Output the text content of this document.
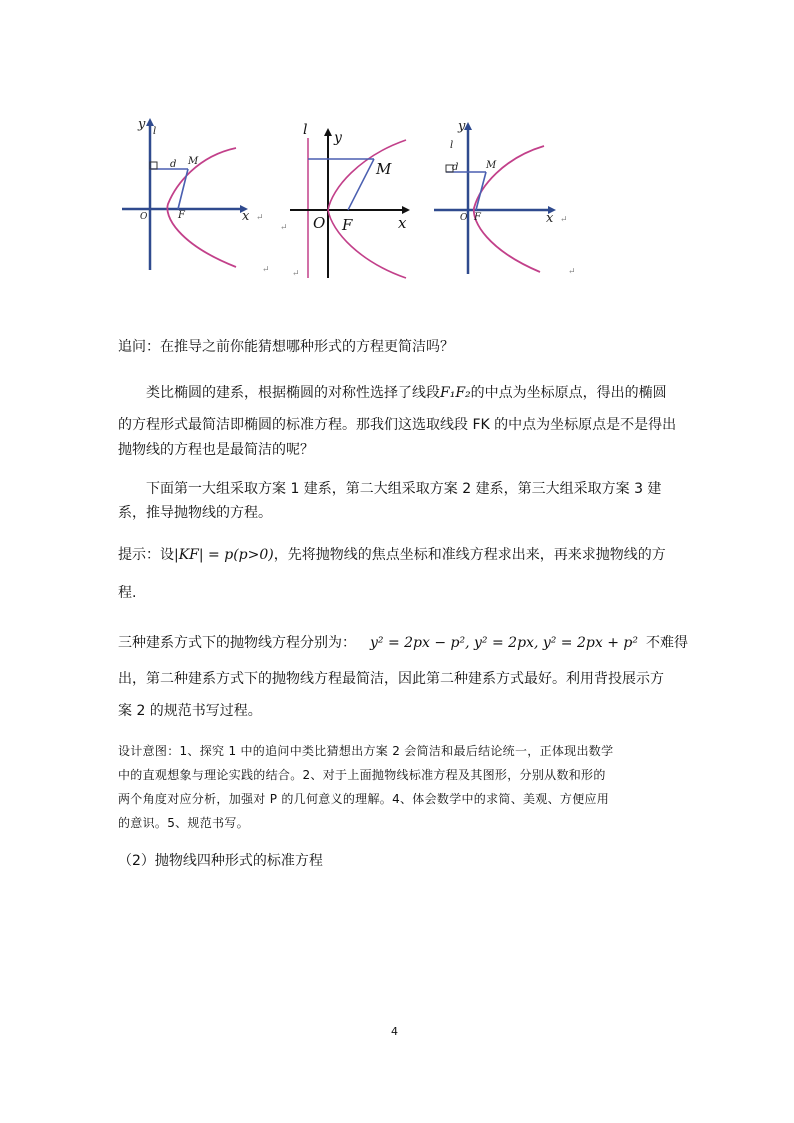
y l
d M
O	F	x ↵
↵
l y
M
O F	x
↵
↵
y
l
d	M
O F	x ↵
↵
追问：在推导之前你能猜想哪种形式的方程更简洁吗？
类比椭圆的建系，根据椭圆的对称性选择了线段F₁F₂的中点为坐标原点，得出的椭圆
的方程形式最简洁即椭圆的标准方程。那我们这选取线段 FK 的中点为坐标原点是不是得出
抛物线的方程也是最简洁的呢？
下面第一大组采取方案 1 建系，第二大组采取方案 2 建系，第三大组采取方案 3 建
系，推导抛物线的方程。
提示：设|KF| = p(p>0)，先将抛物线的焦点坐标和准线方程求出来，再来求抛物线的方
程.
三种建系方式下的抛物线方程分别为： y² = 2px − p², y² = 2px, y² = 2px + p² 不难得
出，第二种建系方式下的抛物线方程最简洁，因此第二种建系方式最好。利用背投展示方
案 2 的规范书写过程。
设计意图：1、探究 1 中的追问中类比猜想出方案 2 会简洁和最后结论统一，正体现出数学
中的直观想象与理论实践的结合。2、对于上面抛物线标准方程及其图形，分别从数和形的
两个角度对应分析，加强对 P 的几何意义的理解。4、体会数学中的求简、美观、方便应用
的意识。5、规范书写。
（2）抛物线四种形式的标准方程
4
